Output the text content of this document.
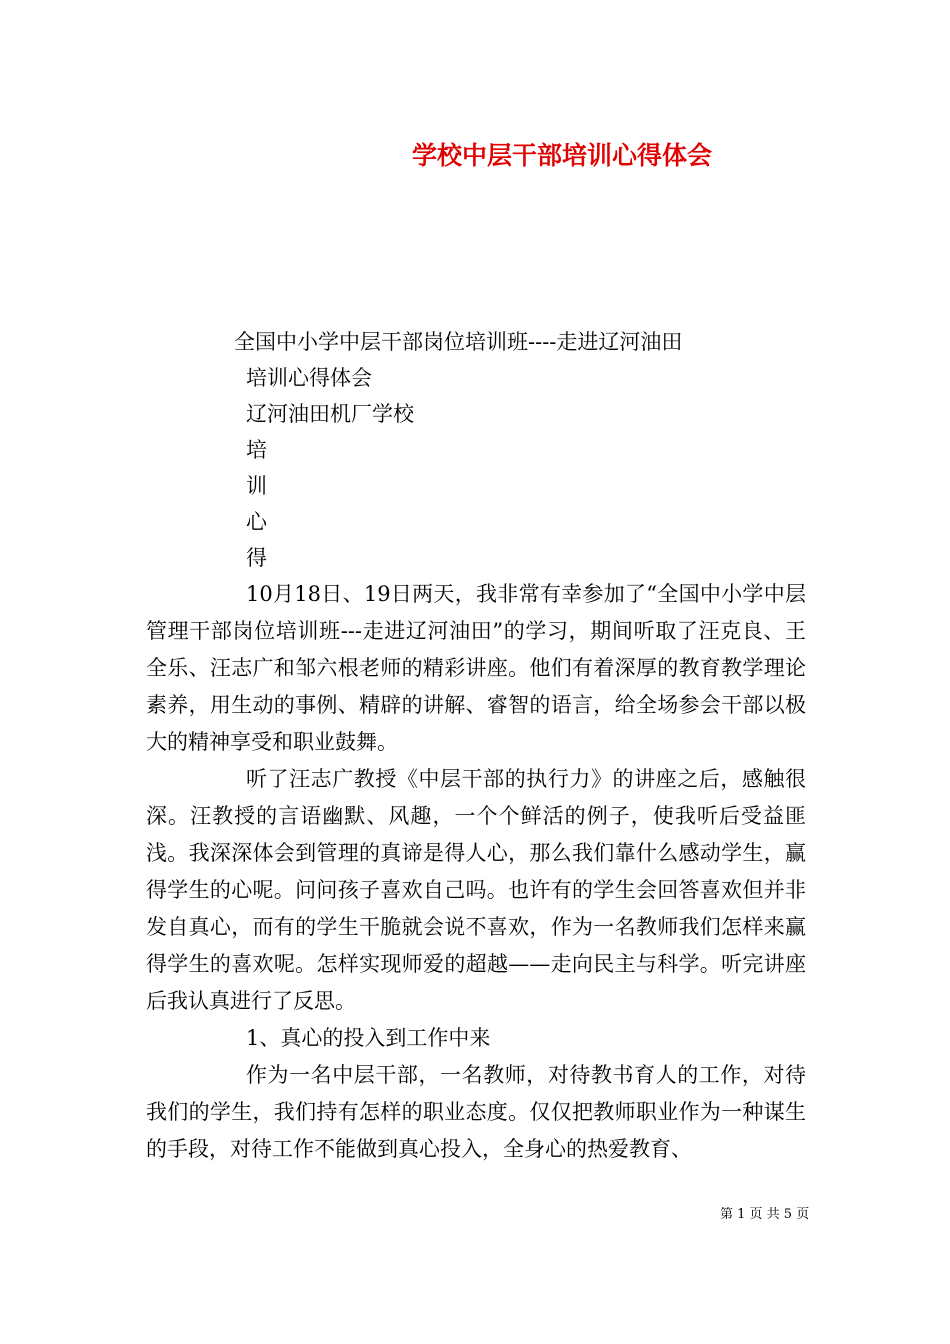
学校中层干部培训心得体会
全国中小学中层干部岗位培训班----走进辽河油田
培训心得体会
辽河油田机厂学校
培
训
心
得

10月18日、19日两天，我非常有幸参加了“全国中小学中层管理干部岗位培训班---走进辽河油田”的学习，期间听取了汪克良、王全乐、汪志广和邹六根老师的精彩讲座。他们有着深厚的教育教学理论素养，用生动的事例、精辟的讲解、睿智的语言，给全场参会干部以极大的精神享受和职业鼓舞。

听了汪志广教授《中层干部的执行力》的讲座之后，感触很深。汪教授的言语幽默、风趣，一个个鲜活的例子，使我听后受益匪浅。我深深体会到管理的真谛是得人心，那么我们靠什么感动学生，赢得学生的心呢。问问孩子喜欢自己吗。也许有的学生会回答喜欢但并非发自真心，而有的学生干脆就会说不喜欢，作为一名教师我们怎样来赢得学生的喜欢呢。怎样实现师爱的超越——走向民主与科学。听完讲座后我认真进行了反思。

1、真心的投入到工作中来

作为一名中层干部，一名教师，对待教书育人的工作，对待我们的学生，我们持有怎样的职业态度。仅仅把教师职业作为一种谋生的手段，对待工作不能做到真心投入，全身心的热爱教育、

第 1 页 共 5 页
